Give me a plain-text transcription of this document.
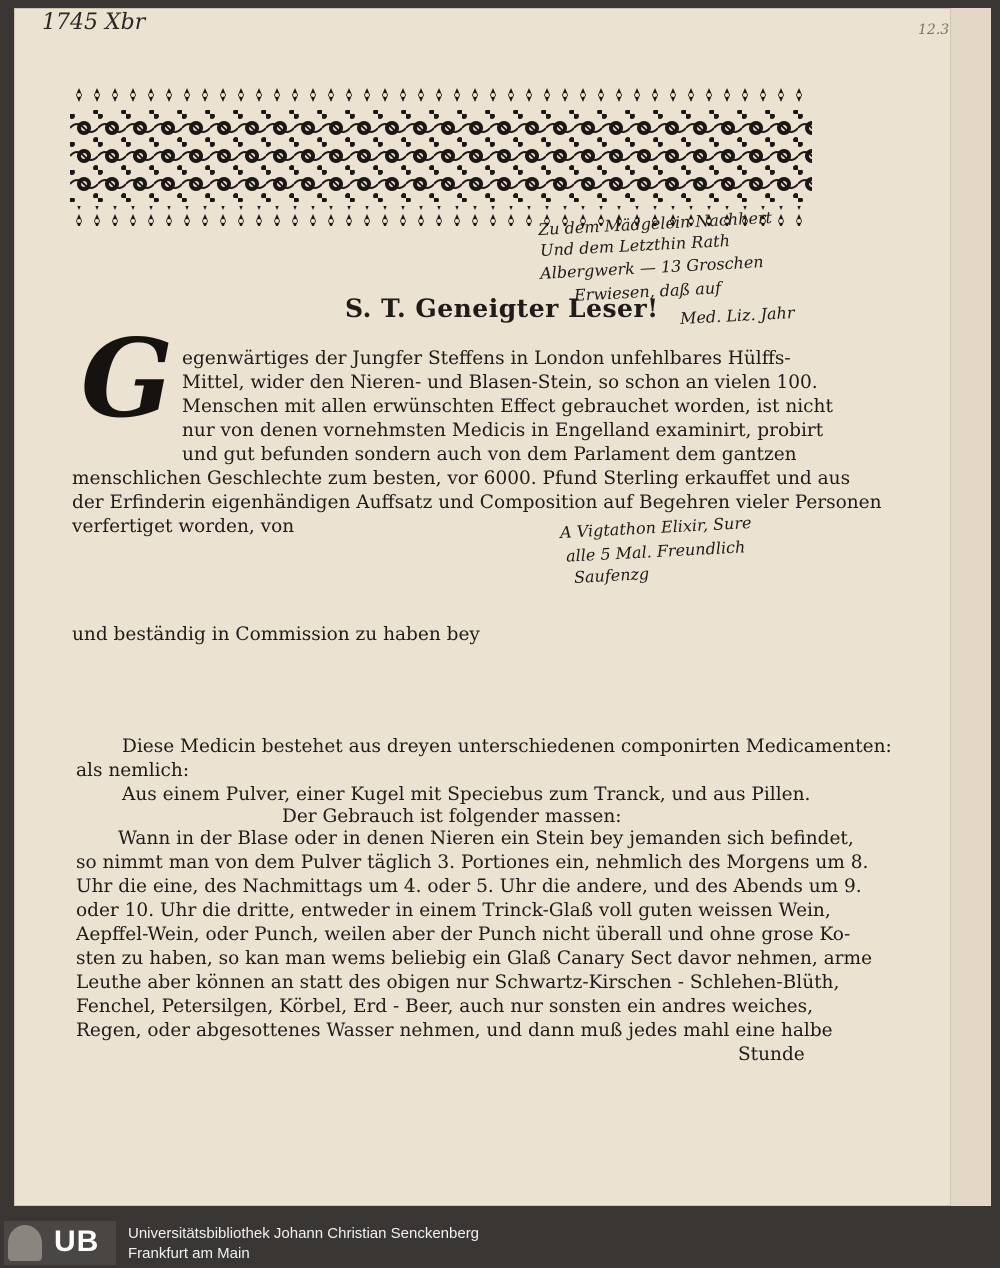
1745 Xbr	12.3
Zu dem Mädgelein Nachhert
Und dem Letzthin Rath
Albergwerk — 13 Groschen
Erwiesen, daß auf
Med. Liz. Jahr
S. T. Geneigter Leser!
G egenwärtiges der Jungfer Steffens in London unfehlbares Hülffs-
Mittel, wider den Nieren- und Blasen-Stein, so schon an vielen 100.
Menschen mit allen erwünschten Effect gebrauchet worden, ist nicht
nur von denen vornehmsten Medicis in Engelland examinirt, probirt
und gut befunden sondern auch von dem Parlament dem gantzen
menschlichen Geschlechte zum besten, vor 6000. Pfund Sterling erkauffet und aus
der Erfinderin eigenhändigen Auffsatz und Composition auf Begehren vieler Personen
verfertiget worden, von	A Vigtathon Elixir, Sure
alle 5 Mal. Freundlich
Saufenzg
und beständig in Commission zu haben bey
Diese Medicin bestehet aus dreyen unterschiedenen componirten Medicamenten:
als nemlich:
Aus einem Pulver, einer Kugel mit Speciebus zum Tranck, und aus Pillen.
Der Gebrauch ist folgender massen:
Wann in der Blase oder in denen Nieren ein Stein bey jemanden sich befindet,
so nimmt man von dem Pulver täglich 3. Portiones ein, nehmlich des Morgens um 8.
Uhr die eine, des Nachmittags um 4. oder 5. Uhr die andere, und des Abends um 9.
oder 10. Uhr die dritte, entweder in einem Trinck-Glaß voll guten weissen Wein,
Aepffel-Wein, oder Punch, weilen aber der Punch nicht überall und ohne grose Ko-
sten zu haben, so kan man wems beliebig ein Glaß Canary Sect davor nehmen, arme
Leuthe aber können an statt des obigen nur Schwartz-Kirschen - Schlehen-Blüth,
Fenchel, Petersilgen, Körbel, Erd - Beer, auch nur sonsten ein andres weiches,
Regen, oder abgesottenes Wasser nehmen, und dann muß jedes mahl eine halbe
Stunde
UB Universitätsbibliothek Johann Christian Senckenberg
Frankfurt am Main
